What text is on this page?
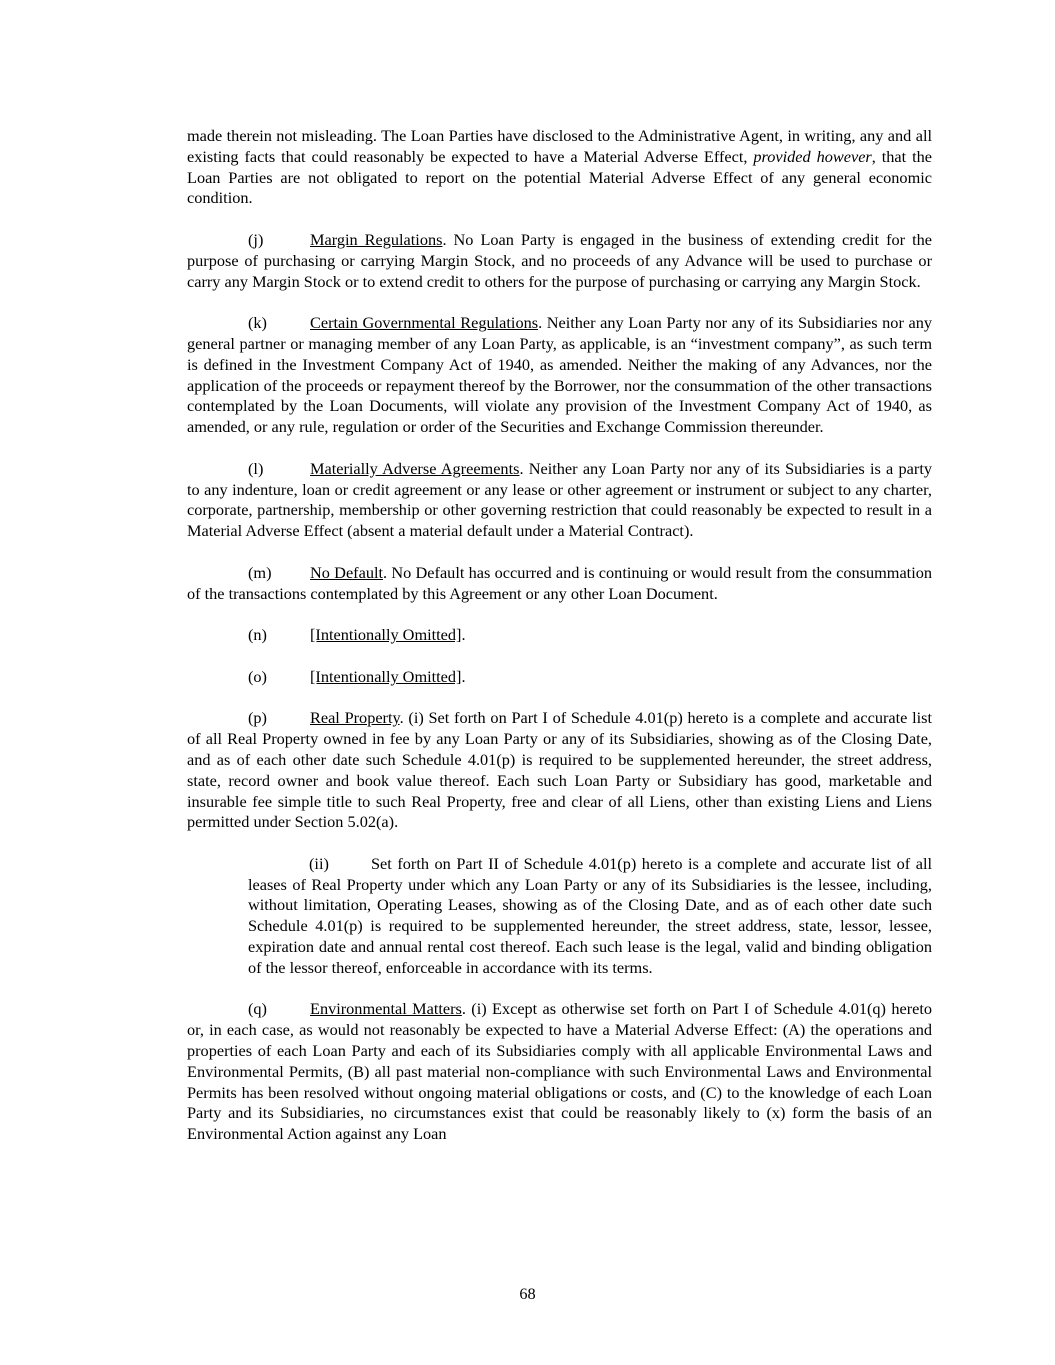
made therein not misleading. The Loan Parties have disclosed to the Administrative Agent, in writing, any and all existing facts that could reasonably be expected to have a Material Adverse Effect, provided however, that the Loan Parties are not obligated to report on the potential Material Adverse Effect of any general economic condition.

(j)	Margin Regulations. No Loan Party is engaged in the business of extending credit for the purpose of purchasing or carrying Margin Stock, and no proceeds of any Advance will be used to purchase or carry any Margin Stock or to extend credit to others for the purpose of purchasing or carrying any Margin Stock.

(k)	Certain Governmental Regulations. Neither any Loan Party nor any of its Subsidiaries nor any general partner or managing member of any Loan Party, as applicable, is an “investment company”, as such term is defined in the Investment Company Act of 1940, as amended. Neither the making of any Advances, nor the application of the proceeds or repayment thereof by the Borrower, nor the consummation of the other transactions contemplated by the Loan Documents, will violate any provision of the Investment Company Act of 1940, as amended, or any rule, regulation or order of the Securities and Exchange Commission thereunder.

(l)	Materially Adverse Agreements. Neither any Loan Party nor any of its Subsidiaries is a party to any indenture, loan or credit agreement or any lease or other agreement or instrument or subject to any charter, corporate, partnership, membership or other governing restriction that could reasonably be expected to result in a Material Adverse Effect (absent a material default under a Material Contract).

(m) No Default. No Default has occurred and is continuing or would result from the consummation of the transactions contemplated by this Agreement or any other Loan Document.

(n)	[Intentionally Omitted].

(o)	[Intentionally Omitted].

(p)	Real Property. (i) Set forth on Part I of Schedule 4.01(p) hereto is a complete and accurate list of all Real Property owned in fee by any Loan Party or any of its Subsidiaries, showing as of the Closing Date, and as of each other date such Schedule 4.01(p) is required to be supplemented hereunder, the street address, state, record owner and book value thereof. Each such Loan Party or Subsidiary has good, marketable and insurable fee simple title to such Real Property, free and clear of all Liens, other than existing Liens and Liens permitted under Section 5.02(a).

(ii)	Set forth on Part II of Schedule 4.01(p) hereto is a complete and accurate list of all leases of Real Property under which any Loan Party or any of its Subsidiaries is the lessee, including, without limitation, Operating Leases, showing as of the Closing Date, and as of each other date such Schedule 4.01(p) is required to be supplemented hereunder, the street address, state, lessor, lessee, expiration date and annual rental cost thereof. Each such lease is the legal, valid and binding obligation of the lessor thereof, enforceable in accordance with its terms.

(q)	Environmental Matters. (i) Except as otherwise set forth on Part I of Schedule 4.01(q) hereto or, in each case, as would not reasonably be expected to have a Material Adverse Effect: (A) the operations and properties of each Loan Party and each of its Subsidiaries comply with all applicable Environmental Laws and Environmental Permits, (B) all past material non-compliance with such Environmental Laws and Environmental Permits has been resolved without ongoing material obligations or costs, and (C) to the knowledge of each Loan Party and its Subsidiaries, no circumstances exist that could be reasonably likely to (x) form the basis of an Environmental Action against any Loan

68
